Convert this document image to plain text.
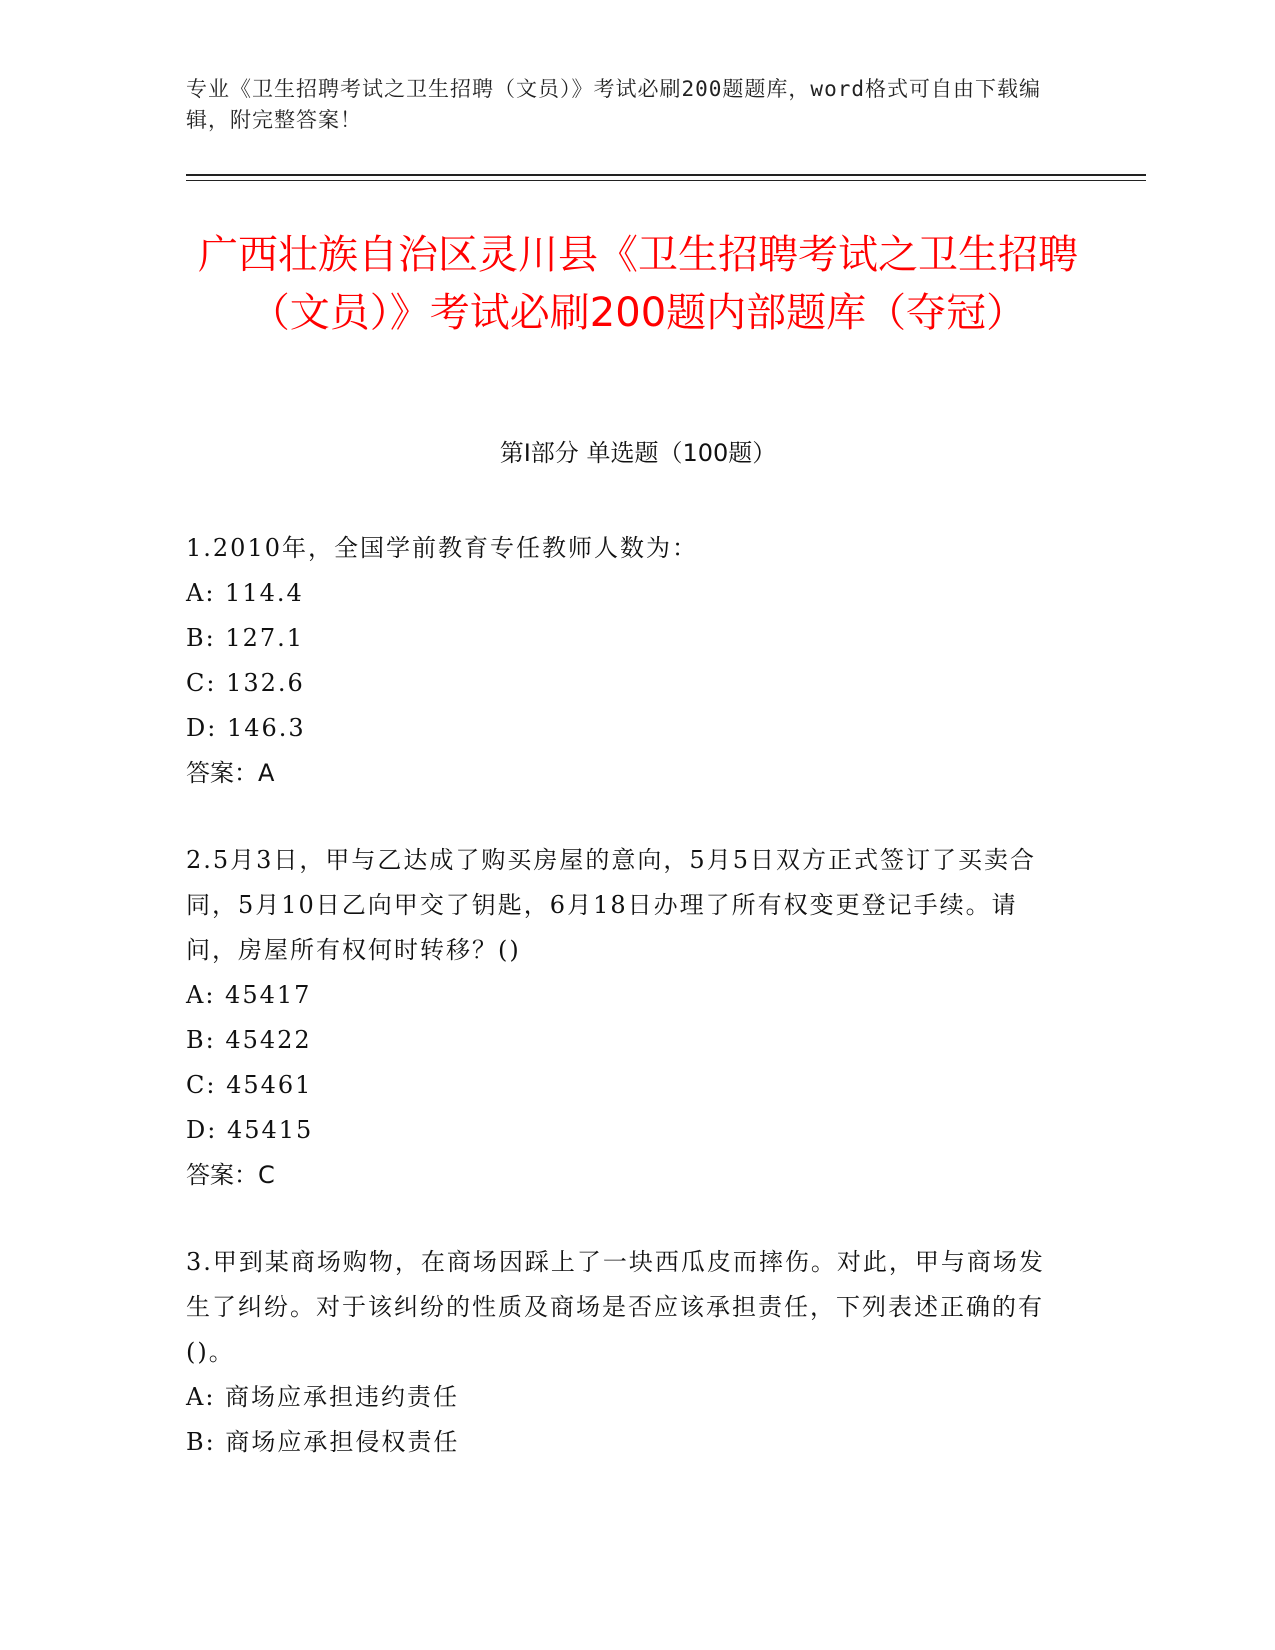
专业《卫生招聘考试之卫生招聘（文员）》考试必刷200题题库，word格式可自由下载编辑，附完整答案！
广西壮族自治区灵川县《卫生招聘考试之卫生招聘（文员）》考试必刷200题内部题库（夺冠）
第I部分 单选题（100题）
1.2010年，全国学前教育专任教师人数为：
A: 114.4
B: 127.1
C: 132.6
D: 146.3
答案：A
2.5月3日，甲与乙达成了购买房屋的意向，5月5日双方正式签订了买卖合同，5月10日乙向甲交了钥匙，6月18日办理了所有权变更登记手续。请问，房屋所有权何时转移？()
A: 45417
B: 45422
C: 45461
D: 45415
答案：C
3.甲到某商场购物，在商场因踩上了一块西瓜皮而摔伤。对此，甲与商场发生了纠纷。对于该纠纷的性质及商场是否应该承担责任，下列表述正确的有()。
A: 商场应承担违约责任
B: 商场应承担侵权责任
